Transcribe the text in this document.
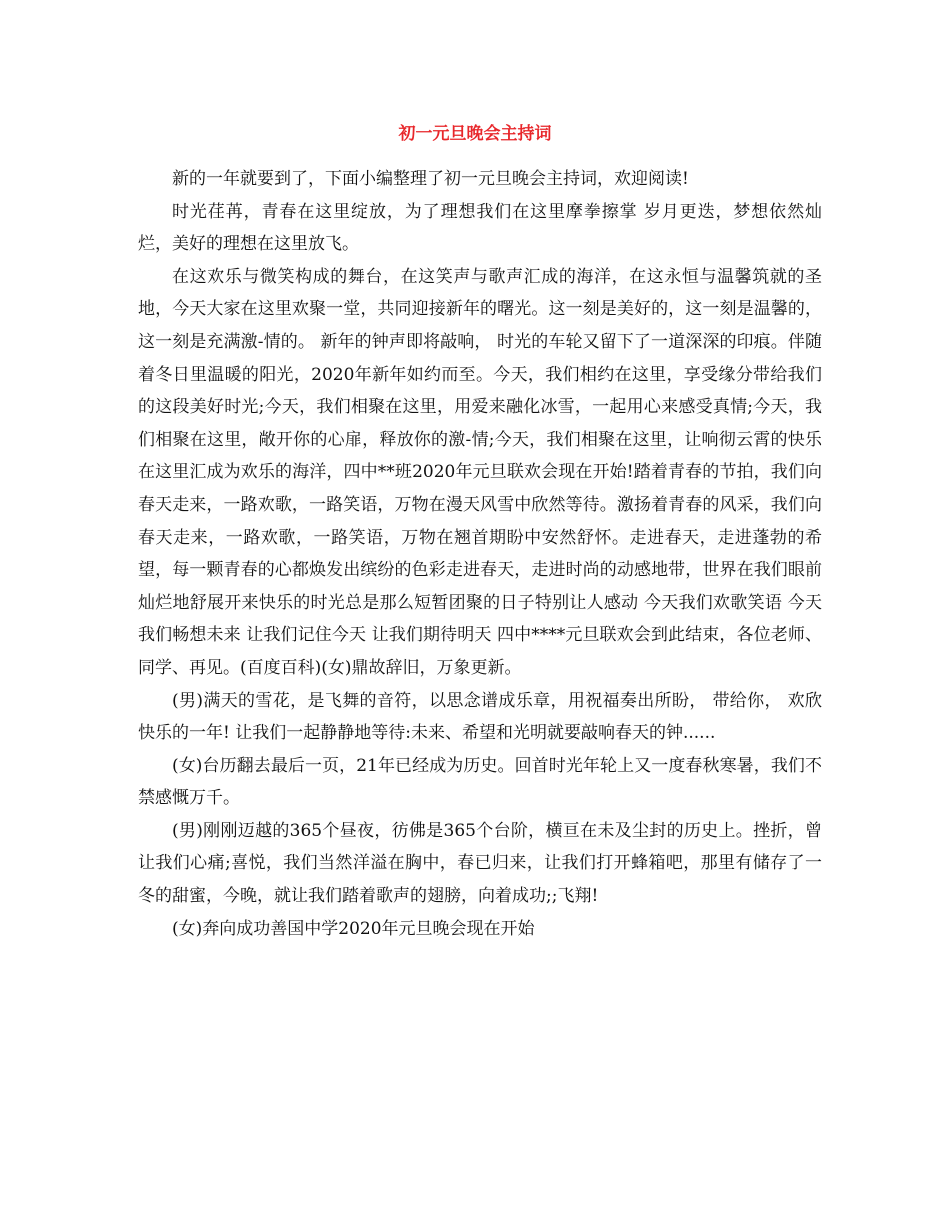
初一元旦晚会主持词

新的一年就要到了，下面小编整理了初一元旦晚会主持词，欢迎阅读!

时光荏苒，青春在这里绽放，为了理想我们在这里摩拳擦掌 岁月更迭，梦想依然灿烂，美好的理想在这里放飞。

在这欢乐与微笑构成的舞台，在这笑声与歌声汇成的海洋，在这永恒与温馨筑就的圣地，今天大家在这里欢聚一堂，共同迎接新年的曙光。这一刻是美好的，这一刻是温馨的，这一刻是充满激-情的。 新年的钟声即将敲响， 时光的车轮又留下了一道深深的印痕。伴随着冬日里温暖的阳光，2020年新年如约而至。今天，我们相约在这里，享受缘分带给我们的这段美好时光;今天，我们相聚在这里，用爱来融化冰雪，一起用心来感受真情;今天，我们相聚在这里，敞开你的心扉，释放你的激-情;今天，我们相聚在这里，让响彻云霄的快乐在这里汇成为欢乐的海洋，四中**班2020年元旦联欢会现在开始!踏着青春的节拍，我们向春天走来，一路欢歌，一路笑语，万物在漫天风雪中欣然等待。激扬着青春的风采，我们向春天走来，一路欢歌，一路笑语，万物在翘首期盼中安然舒怀。走进春天，走进蓬勃的希望，每一颗青春的心都焕发出缤纷的色彩走进春天，走进时尚的动感地带，世界在我们眼前灿烂地舒展开来快乐的时光总是那么短暂团聚的日子特别让人感动 今天我们欢歌笑语 今天我们畅想未来 让我们记住今天 让我们期待明天 四中****元旦联欢会到此结束，各位老师、同学、再见。(百度百科)(女)鼎故辞旧，万象更新。

(男)满天的雪花，是飞舞的音符，以思念谱成乐章，用祝福奏出所盼， 带给你， 欢欣快乐的一年! 让我们一起静静地等待:未来、希望和光明就要敲响春天的钟......

(女)台历翻去最后一页，21年已经成为历史。回首时光年轮上又一度春秋寒暑，我们不禁感慨万千。

(男)刚刚迈越的365个昼夜，彷佛是365个台阶，横亘在未及尘封的历史上。挫折，曾让我们心痛;喜悦，我们当然洋溢在胸中，春已归来，让我们打开蜂箱吧，那里有储存了一冬的甜蜜，今晚，就让我们踏着歌声的翅膀，向着成功;;飞翔!

(女)奔向成功善国中学2020年元旦晚会现在开始
